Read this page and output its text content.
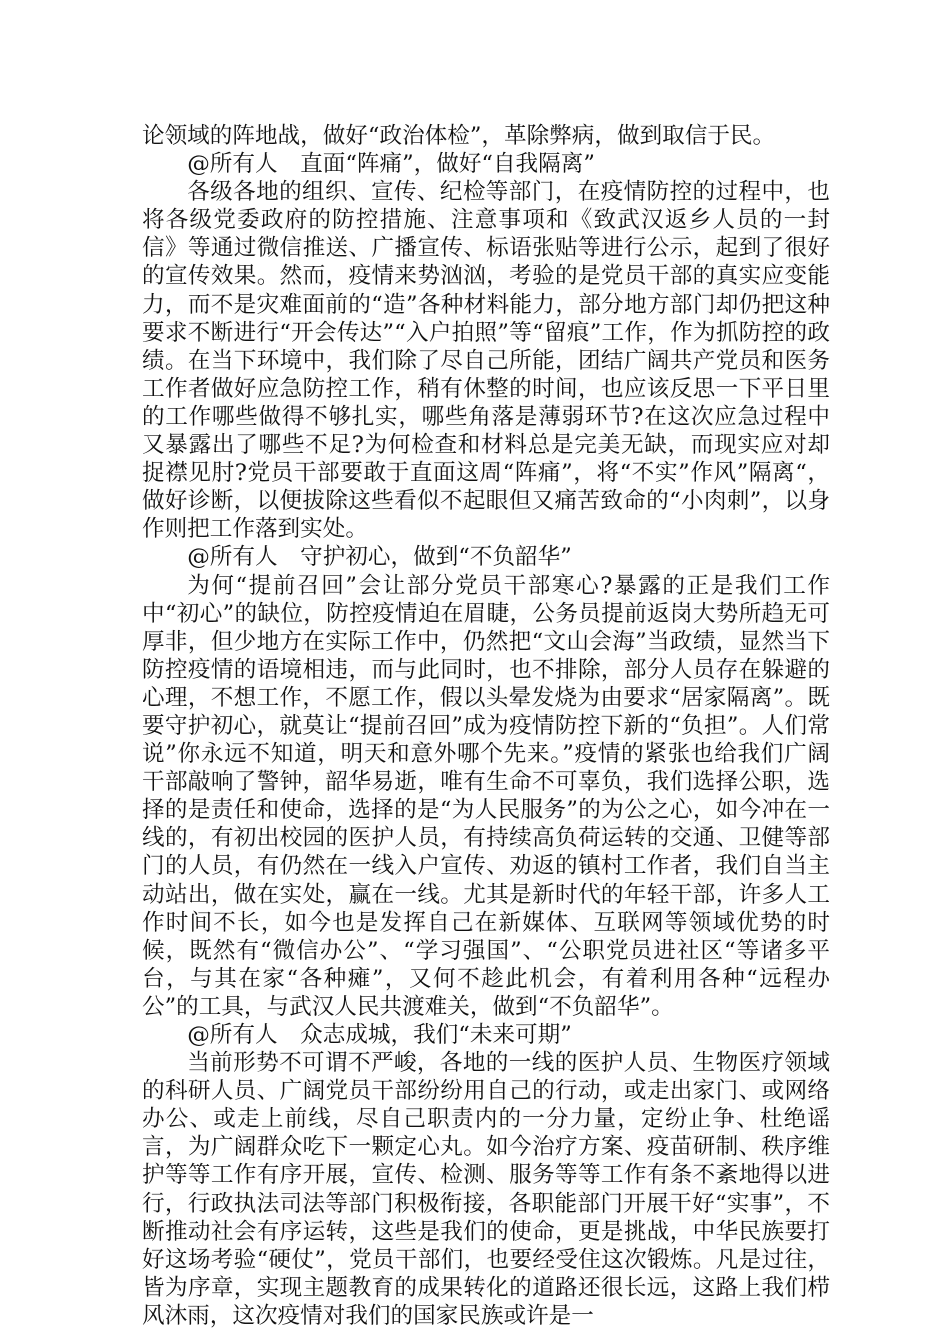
论领域的阵地战，做好“政治体检”，革除弊病，做到取信于民。

@所有人　直面“阵痛”，做好“自我隔离”

各级各地的组织、宣传、纪检等部门，在疫情防控的过程中，也将各级党委政府的防控措施、注意事项和《致武汉返乡人员的一封信》等通过微信推送、广播宣传、标语张贴等进行公示，起到了很好的宣传效果。然而，疫情来势汹汹，考验的是党员干部的真实应变能力，而不是灾难面前的“造”各种材料能力，部分地方部门却仍把这种要求不断进行“开会传达”“入户拍照”等“留痕”工作，作为抓防控的政绩。在当下环境中，我们除了尽自己所能，团结广阔共产党员和医务工作者做好应急防控工作，稍有休整的时间，也应该反思一下平日里的工作哪些做得不够扎实，哪些角落是薄弱环节?在这次应急过程中又暴露出了哪些不足?为何检查和材料总是完美无缺，而现实应对却捉襟见肘?党员干部要敢于直面这周“阵痛”，将“不实”作风”隔离“，做好诊断，以便拔除这些看似不起眼但又痛苦致命的“小肉刺”，以身作则把工作落到实处。

@所有人　守护初心，做到“不负韶华”

为何“提前召回”会让部分党员干部寒心?暴露的正是我们工作中“初心”的缺位，防控疫情迫在眉睫，公务员提前返岗大势所趋无可厚非，但少地方在实际工作中，仍然把“文山会海”当政绩，显然当下防控疫情的语境相违，而与此同时，也不排除，部分人员存在躲避的心理，不想工作，不愿工作，假以头晕发烧为由要求“居家隔离”。既要守护初心，就莫让“提前召回”成为疫情防控下新的“负担”。人们常说”你永远不知道，明天和意外哪个先来。”疫情的紧张也给我们广阔干部敲响了警钟，韶华易逝，唯有生命不可辜负，我们选择公职，选择的是责任和使命，选择的是“为人民服务”的为公之心，如今冲在一线的，有初出校园的医护人员，有持续高负荷运转的交通、卫健等部门的人员，有仍然在一线入户宣传、劝返的镇村工作者，我们自当主动站出，做在实处，赢在一线。尤其是新时代的年轻干部，许多人工作时间不长，如今也是发挥自己在新媒体、互联网等领域优势的时候，既然有“微信办公”、“学习强国”、“公职党员进社区“等诸多平台，与其在家“各种瘫”，又何不趁此机会，有着利用各种“远程办公”的工具，与武汉人民共渡难关，做到“不负韶华”。

@所有人　众志成城，我们“未来可期”

当前形势不可谓不严峻，各地的一线的医护人员、生物医疗领域的科研人员、广阔党员干部纷纷用自己的行动，或走出家门、或网络办公、或走上前线，尽自己职责内的一分力量，定纷止争、杜绝谣言，为广阔群众吃下一颗定心丸。如今治疗方案、疫苗研制、秩序维护等等工作有序开展，宣传、检测、服务等等工作有条不紊地得以进行，行政执法司法等部门积极衔接，各职能部门开展干好“实事”，不断推动社会有序运转，这些是我们的使命，更是挑战，中华民族要打好这场考验“硬仗”，党员干部们，也要经受住这次锻炼。凡是过往，皆为序章，实现主题教育的成果转化的道路还很长远，这路上我们栉风沐雨，这次疫情对我们的国家民族或许是一
